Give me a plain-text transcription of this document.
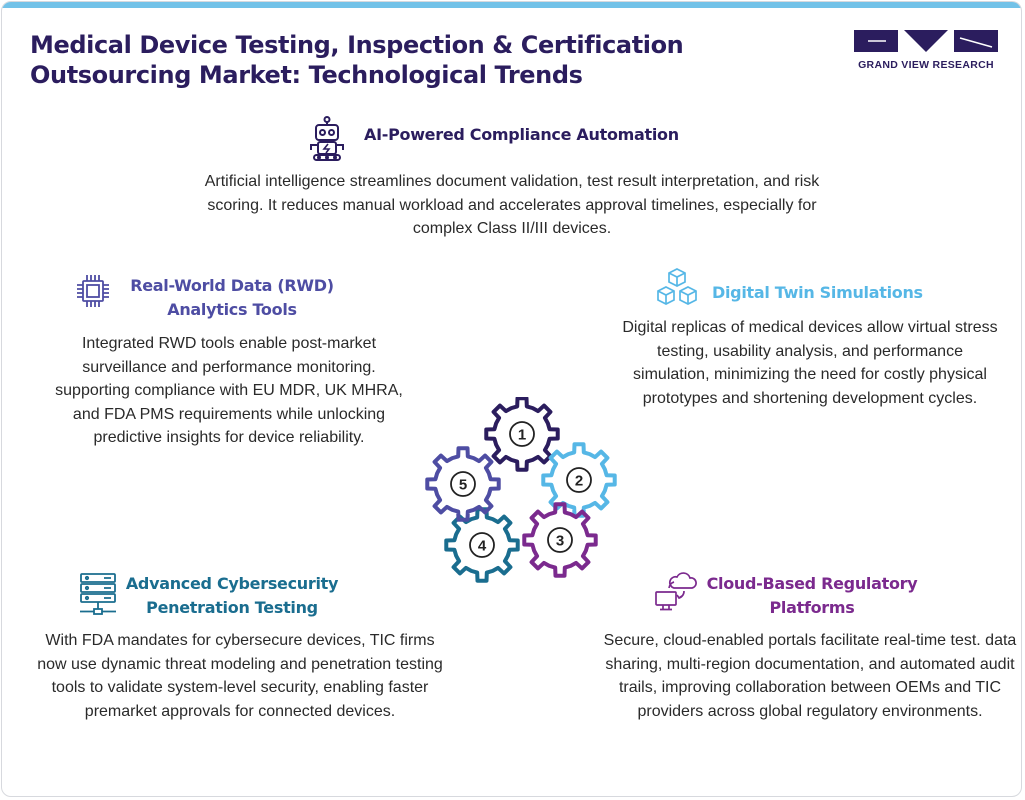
Medical Device Testing, Inspection & Certification
Outsourcing Market: Technological Trends	GRAND VIEW RESEARCH
AI-Powered Compliance Automation
Artificial intelligence streamlines document validation, test result interpretation, and risk scoring. It reduces manual workload and accelerates approval timelines, especially for complex Class II/III devices.
Real-World Data (RWD)
Analytics Tools
Integrated RWD tools enable post-market surveillance and performance monitoring. supporting compliance with EU MDR, UK MHRA, and FDA PMS requirements while unlocking predictive insights for device reliability.
Digital Twin Simulations
Digital replicas of medical devices allow virtual stress testing, usability analysis, and performance simulation, minimizing the need for costly physical prototypes and shortening development cycles.
1
2
3
4
5
Advanced Cybersecurity
Penetration Testing
With FDA mandates for cybersecure devices, TIC firms now use dynamic threat modeling and penetration testing tools to validate system-level security, enabling faster premarket approvals for connected devices.
Cloud-Based Regulatory
Platforms
Secure, cloud-enabled portals facilitate real-time test. data sharing, multi-region documentation, and automated audit trails, improving collaboration between OEMs and TIC providers across global regulatory environments.
